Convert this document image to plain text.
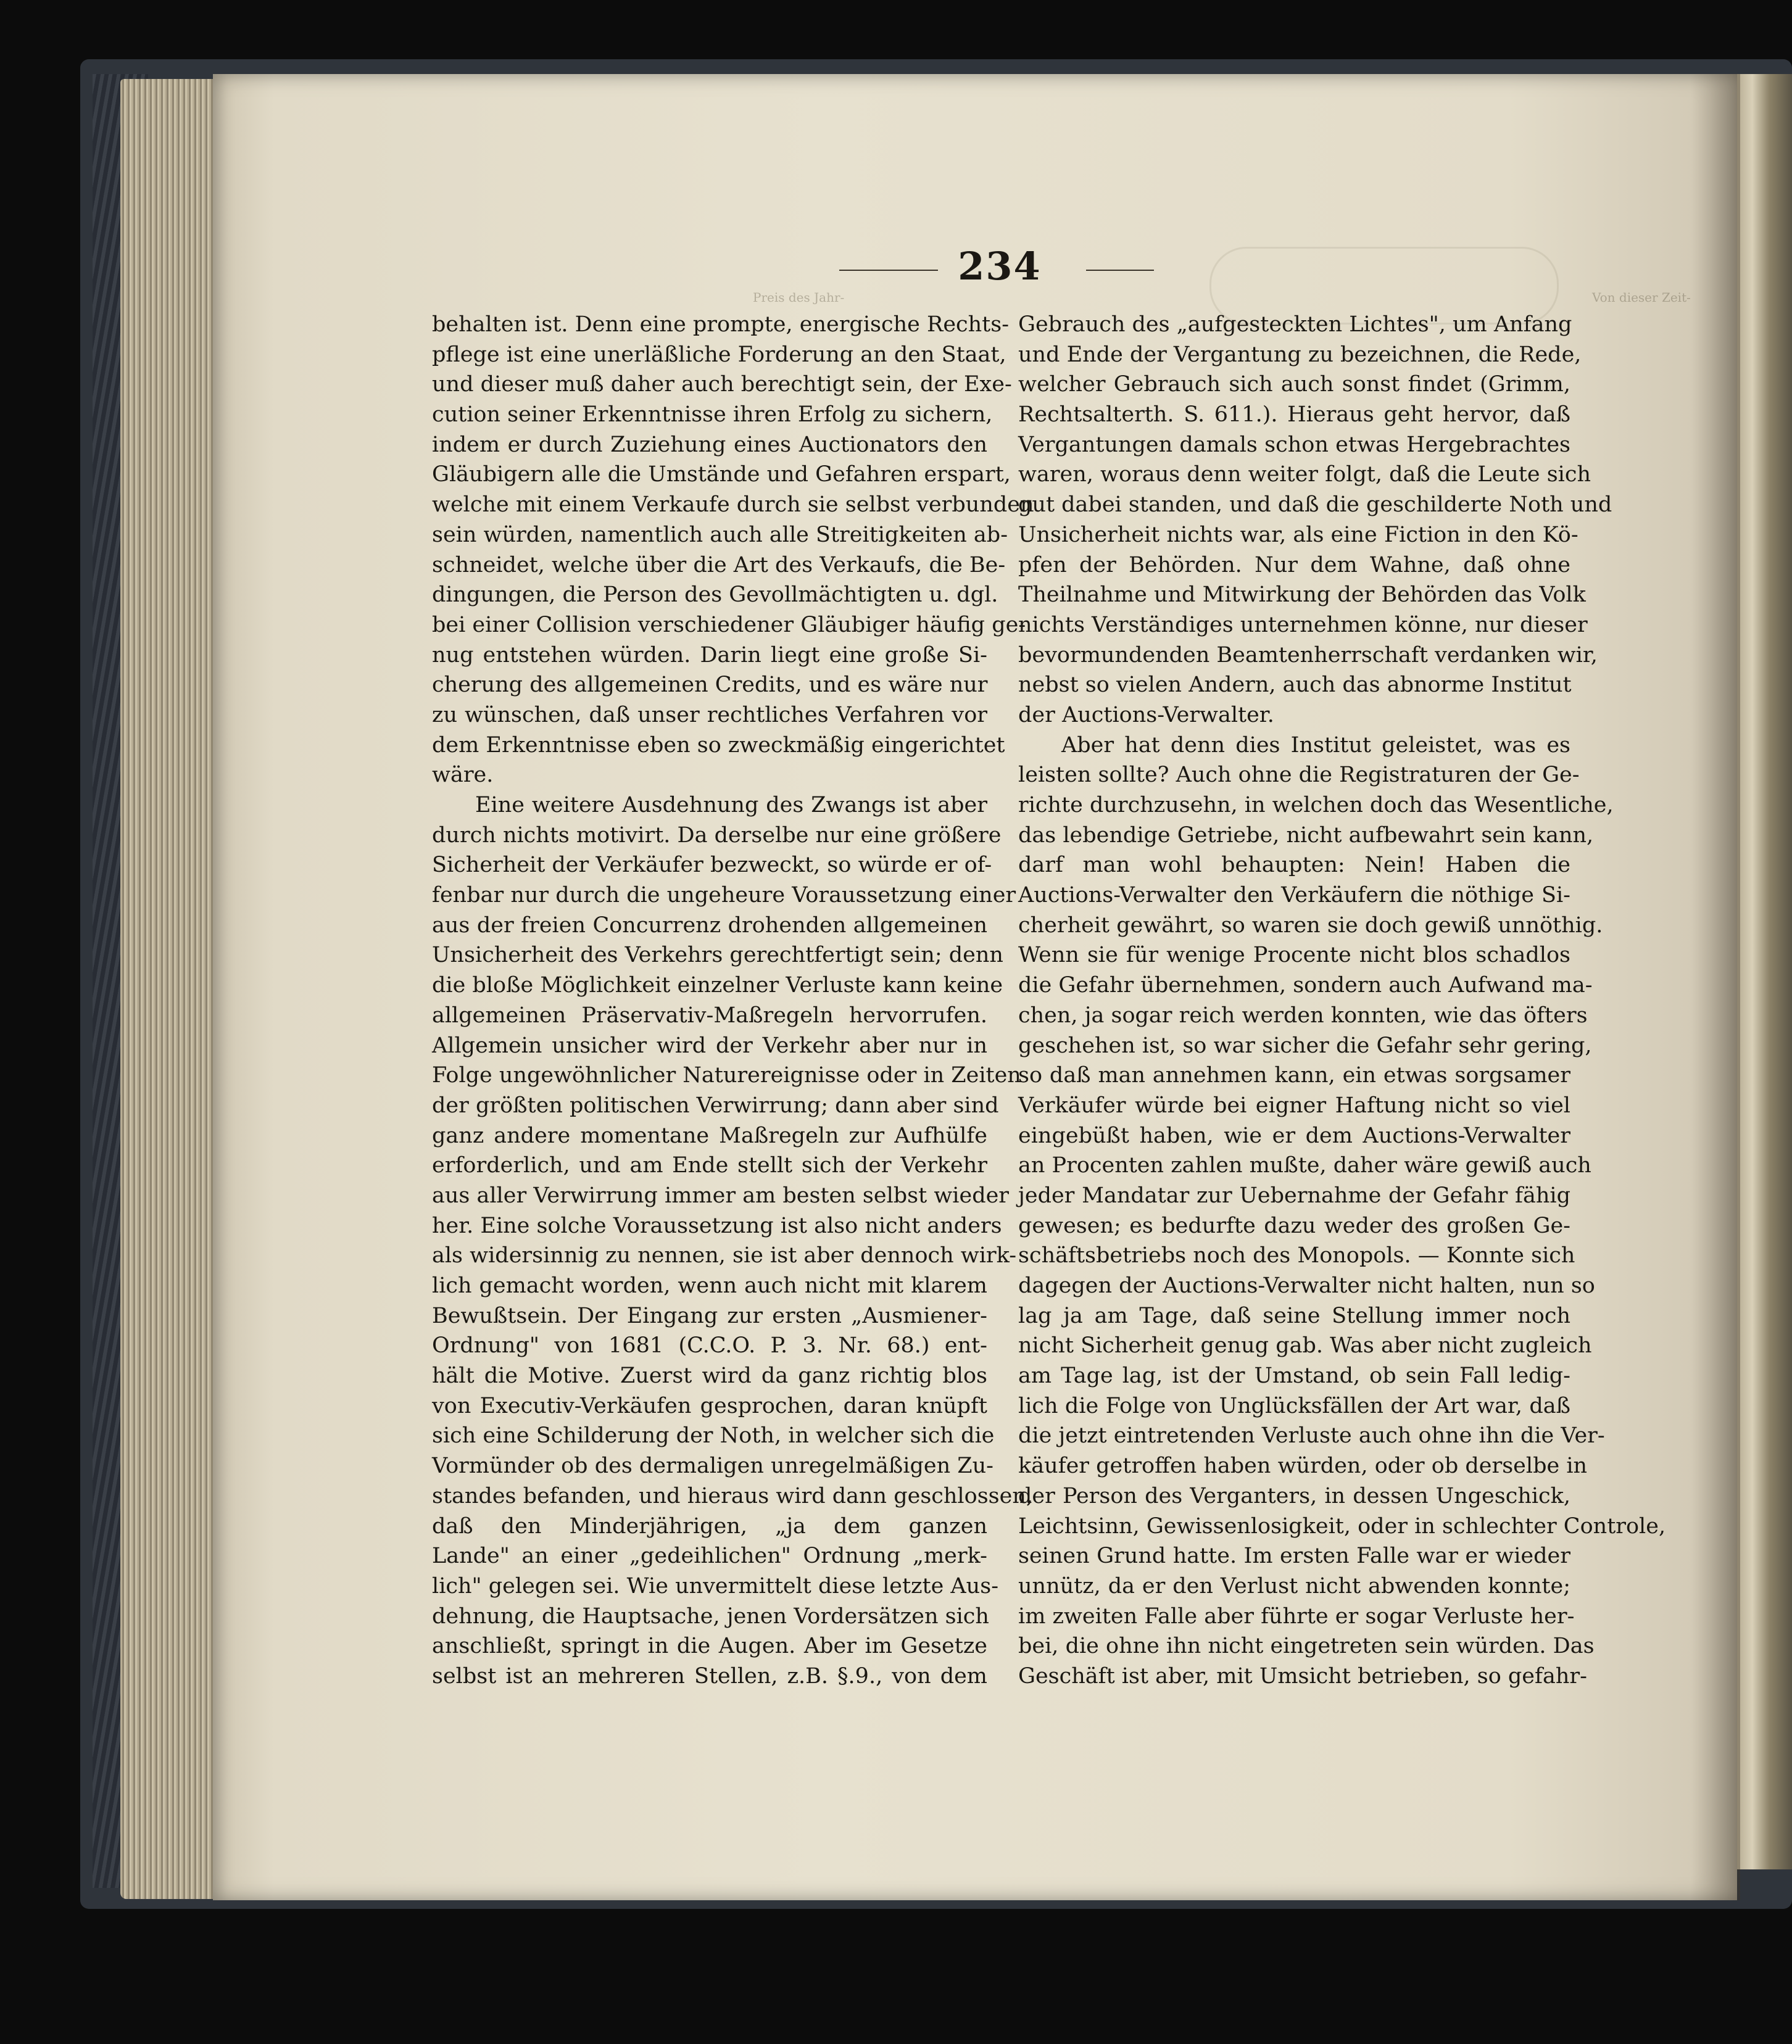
Preis des Jahr-	Von dieser Zeit-
234
behalten ist. Denn eine prompte, energische Rechts-
pflege ist eine unerläßliche Forderung an den Staat,
und dieser muß daher auch berechtigt sein, der Exe-
cution seiner Erkenntnisse ihren Erfolg zu sichern,
indem er durch Zuziehung eines Auctionators den
Gläubigern alle die Umstände und Gefahren erspart,
welche mit einem Verkaufe durch sie selbst verbunden
sein würden, namentlich auch alle Streitigkeiten ab-
schneidet, welche über die Art des Verkaufs, die Be-
dingungen, die Person des Gevollmächtigten u. dgl.
bei einer Collision verschiedener Gläubiger häufig ge-
nug entstehen würden. Darin liegt eine große Si-
cherung des allgemeinen Credits, und es wäre nur
zu wünschen, daß unser rechtliches Verfahren vor
dem Erkenntnisse eben so zweckmäßig eingerichtet
wäre.
Eine weitere Ausdehnung des Zwangs ist aber
durch nichts motivirt. Da derselbe nur eine größere
Sicherheit der Verkäufer bezweckt, so würde er of-
fenbar nur durch die ungeheure Voraussetzung einer
aus der freien Concurrenz drohenden allgemeinen
Unsicherheit des Verkehrs gerechtfertigt sein; denn
die bloße Möglichkeit einzelner Verluste kann keine
allgemeinen Präservativ-Maßregeln hervorrufen.
Allgemein unsicher wird der Verkehr aber nur in
Folge ungewöhnlicher Naturereignisse oder in Zeiten
der größten politischen Verwirrung; dann aber sind
ganz andere momentane Maßregeln zur Aufhülfe
erforderlich, und am Ende stellt sich der Verkehr
aus aller Verwirrung immer am besten selbst wieder
her. Eine solche Voraussetzung ist also nicht anders
als widersinnig zu nennen, sie ist aber dennoch wirk-
lich gemacht worden, wenn auch nicht mit klarem
Bewußtsein. Der Eingang zur ersten „Ausmiener-
Ordnung" von 1681 (C.C.O. P. 3. Nr. 68.) ent-
hält die Motive. Zuerst wird da ganz richtig blos
von Executiv-Verkäufen gesprochen, daran knüpft
sich eine Schilderung der Noth, in welcher sich die
Vormünder ob des dermaligen unregelmäßigen Zu-
standes befanden, und hieraus wird dann geschlossen,
daß den Minderjährigen, „ja dem ganzen
Lande" an einer „gedeihlichen" Ordnung „merk-
lich" gelegen sei. Wie unvermittelt diese letzte Aus-
dehnung, die Hauptsache, jenen Vordersätzen sich
anschließt, springt in die Augen. Aber im Gesetze
selbst ist an mehreren Stellen, z.B. §.9., von dem
Gebrauch des „aufgesteckten Lichtes", um Anfang
und Ende der Vergantung zu bezeichnen, die Rede,
welcher Gebrauch sich auch sonst findet (Grimm,
Rechtsalterth. S. 611.). Hieraus geht hervor, daß
Vergantungen damals schon etwas Hergebrachtes
waren, woraus denn weiter folgt, daß die Leute sich
gut dabei standen, und daß die geschilderte Noth und
Unsicherheit nichts war, als eine Fiction in den Kö-
pfen der Behörden. Nur dem Wahne, daß ohne
Theilnahme und Mitwirkung der Behörden das Volk
nichts Verständiges unternehmen könne, nur dieser
bevormundenden Beamtenherrschaft verdanken wir,
nebst so vielen Andern, auch das abnorme Institut
der Auctions-Verwalter.
Aber hat denn dies Institut geleistet, was es
leisten sollte? Auch ohne die Registraturen der Ge-
richte durchzusehn, in welchen doch das Wesentliche,
das lebendige Getriebe, nicht aufbewahrt sein kann,
darf man wohl behaupten: Nein! Haben die
Auctions-Verwalter den Verkäufern die nöthige Si-
cherheit gewährt, so waren sie doch gewiß unnöthig.
Wenn sie für wenige Procente nicht blos schadlos
die Gefahr übernehmen, sondern auch Aufwand ma-
chen, ja sogar reich werden konnten, wie das öfters
geschehen ist, so war sicher die Gefahr sehr gering,
so daß man annehmen kann, ein etwas sorgsamer
Verkäufer würde bei eigner Haftung nicht so viel
eingebüßt haben, wie er dem Auctions-Verwalter
an Procenten zahlen mußte, daher wäre gewiß auch
jeder Mandatar zur Uebernahme der Gefahr fähig
gewesen; es bedurfte dazu weder des großen Ge-
schäftsbetriebs noch des Monopols. — Konnte sich
dagegen der Auctions-Verwalter nicht halten, nun so
lag ja am Tage, daß seine Stellung immer noch
nicht Sicherheit genug gab. Was aber nicht zugleich
am Tage lag, ist der Umstand, ob sein Fall ledig-
lich die Folge von Unglücksfällen der Art war, daß
die jetzt eintretenden Verluste auch ohne ihn die Ver-
käufer getroffen haben würden, oder ob derselbe in
der Person des Verganters, in dessen Ungeschick,
Leichtsinn, Gewissenlosigkeit, oder in schlechter Controle,
seinen Grund hatte. Im ersten Falle war er wieder
unnütz, da er den Verlust nicht abwenden konnte;
im zweiten Falle aber führte er sogar Verluste her-
bei, die ohne ihn nicht eingetreten sein würden. Das
Geschäft ist aber, mit Umsicht betrieben, so gefahr-
